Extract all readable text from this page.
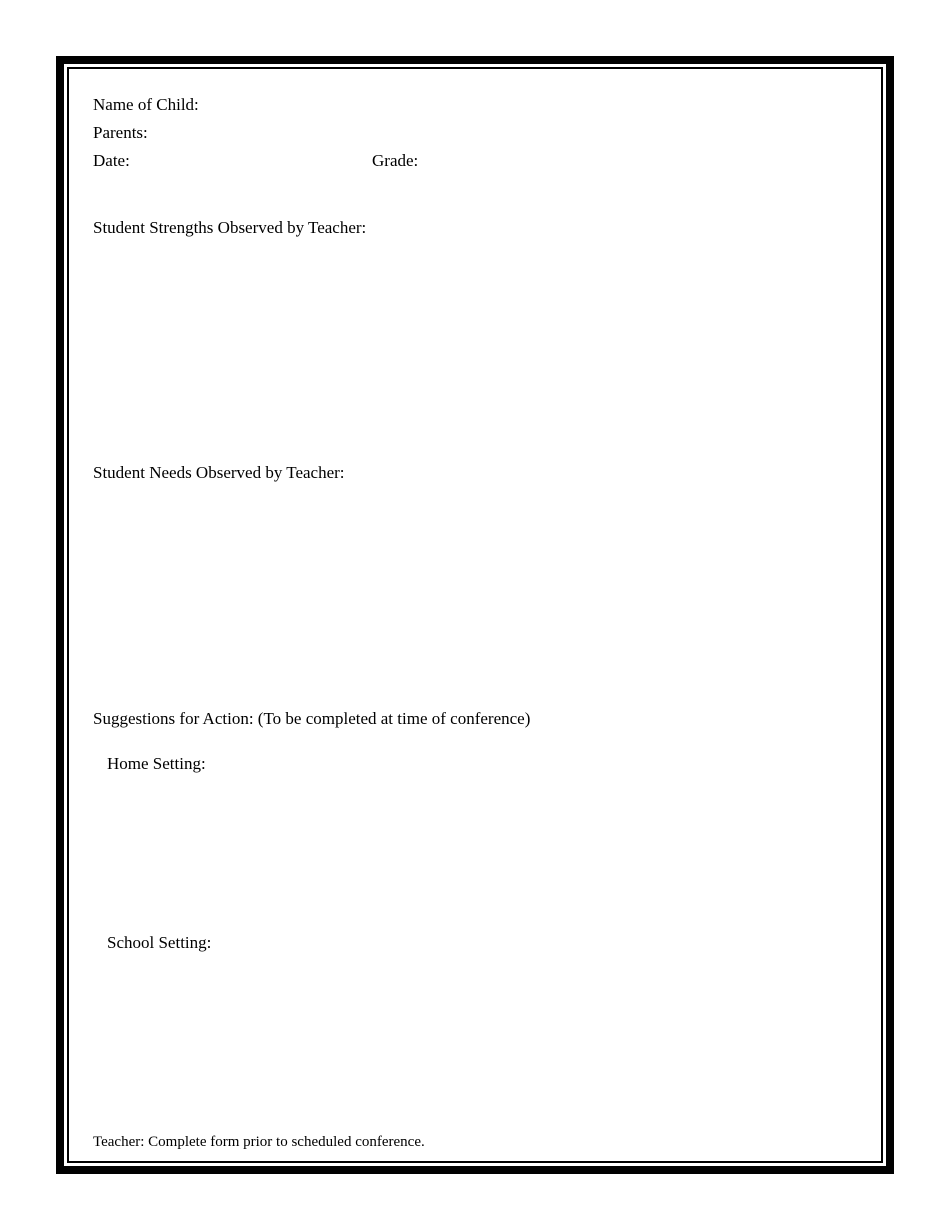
Name of Child:
Parents:
Date:	Grade:
Student Strengths Observed by Teacher:
Student Needs Observed by Teacher:
Suggestions for Action: (To be completed at time of conference)
Home Setting:
School Setting:
Teacher: Complete form prior to scheduled conference.
